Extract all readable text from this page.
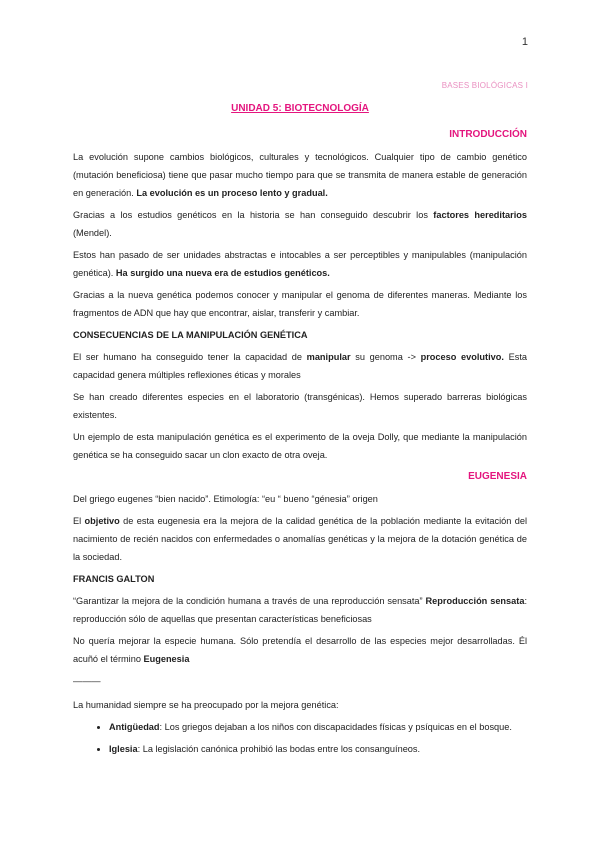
1
BASES BIOLÓGICAS I
UNIDAD 5: BIOTECNOLOGÍA
INTRODUCCIÓN

La evolución supone cambios biológicos, culturales y tecnológicos. Cualquier tipo de cambio genético (mutación beneficiosa) tiene que pasar mucho tiempo para que se transmita de manera estable de generación en generación. La evolución es un proceso lento y gradual.

Gracias a los estudios genéticos en la historia se han conseguido descubrir los factores hereditarios (Mendel).

Estos han pasado de ser unidades abstractas e intocables a ser perceptibles y manipulables (manipulación genética). Ha surgido una nueva era de estudios genéticos.

Gracias a la nueva genética podemos conocer y manipular el genoma de diferentes maneras. Mediante los fragmentos de ADN que hay que encontrar, aislar, transferir y cambiar.

CONSECUENCIAS DE LA MANIPULACIÓN GENÉTICA

El ser humano ha conseguido tener la capacidad de manipular su genoma -> proceso evolutivo. Esta capacidad genera múltiples reflexiones éticas y morales

Se han creado diferentes especies en el laboratorio (transgénicas). Hemos superado barreras biológicas existentes.

Un ejemplo de esta manipulación genética es el experimento de la oveja Dolly, que mediante la manipulación genética se ha conseguido sacar un clon exacto de otra oveja.

EUGENESIA

Del griego eugenes “bien nacido”. Etimología: “eu “ bueno “génesia” origen

El objetivo de esta eugenesia era la mejora de la calidad genética de la población mediante la evitación del nacimiento de recién nacidos con enfermedades o anomalías genéticas y la mejora de la dotación genética de la sociedad.

FRANCIS GALTON

“Garantizar la mejora de la condición humana a través de una reproducción sensata” Reproducción sensata: reproducción sólo de aquellas que presentan características beneficiosas

No quería mejorar la especie humana. Sólo pretendía el desarrollo de las especies mejor desarrolladas. Él acuñó el término Eugenesia

———

La humanidad siempre se ha preocupado por la mejora genética:

• Antigüedad: Los griegos dejaban a los niños con discapacidades físicas y psíquicas en el bosque.
• Iglesia: La legislación canónica prohibió las bodas entre los consanguíneos.
